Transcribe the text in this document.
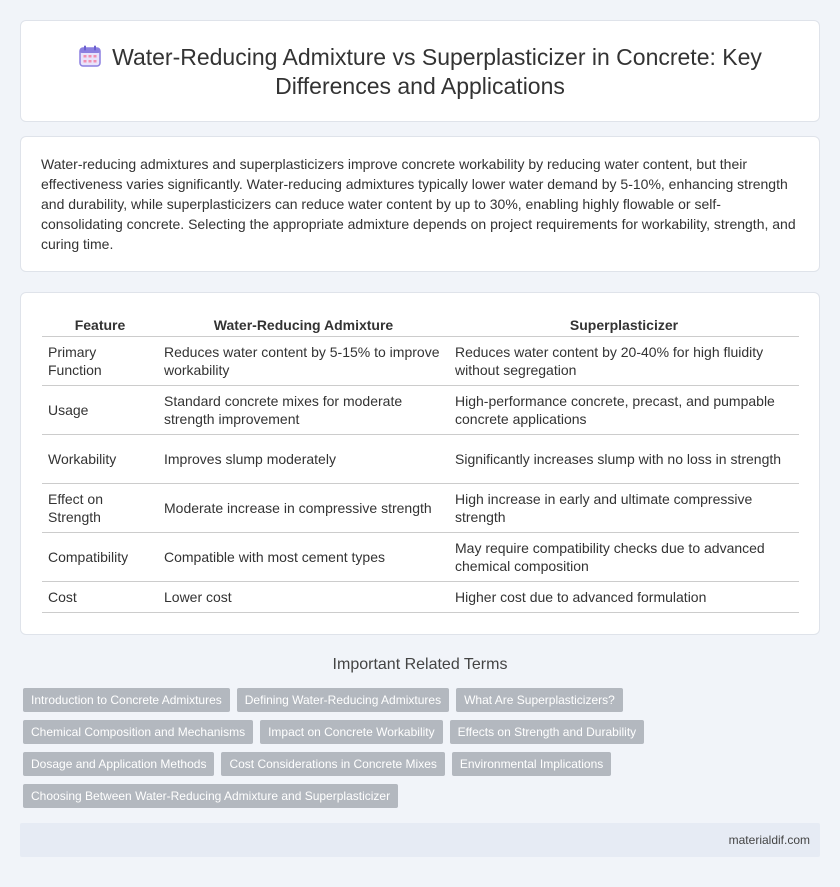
Water-Reducing Admixture vs Superplasticizer in Concrete: Key Differences and Applications

Water-reducing admixtures and superplasticizers improve concrete workability by reducing water content, but their effectiveness varies significantly. Water-reducing admixtures typically lower water demand by 5-10%, enhancing strength and durability, while superplasticizers can reduce water content by up to 30%, enabling highly flowable or self-consolidating concrete. Selecting the appropriate admixture depends on project requirements for workability, strength, and curing time.

Feature	Water-Reducing Admixture	Superplasticizer
Primary Function	Reduces water content by 5-15% to improve workability	Reduces water content by 20-40% for high fluidity without segregation
Usage	Standard concrete mixes for moderate strength improvement	High-performance concrete, precast, and pumpable concrete applications
Workability	Improves slump moderately	Significantly increases slump with no loss in strength
Effect on Strength	Moderate increase in compressive strength	High increase in early and ultimate compressive strength
Compatibility	Compatible with most cement types	May require compatibility checks due to advanced chemical composition
Cost	Lower cost	Higher cost due to advanced formulation
Important Related Terms
Introduction to Concrete Admixtures	Defining Water-Reducing Admixtures	What Are Superplasticizers?
Chemical Composition and Mechanisms	Impact on Concrete Workability	Effects on Strength and Durability
Dosage and Application Methods	Cost Considerations in Concrete Mixes	Environmental Implications
Choosing Between Water-Reducing Admixture and Superplasticizer
materialdif.com
